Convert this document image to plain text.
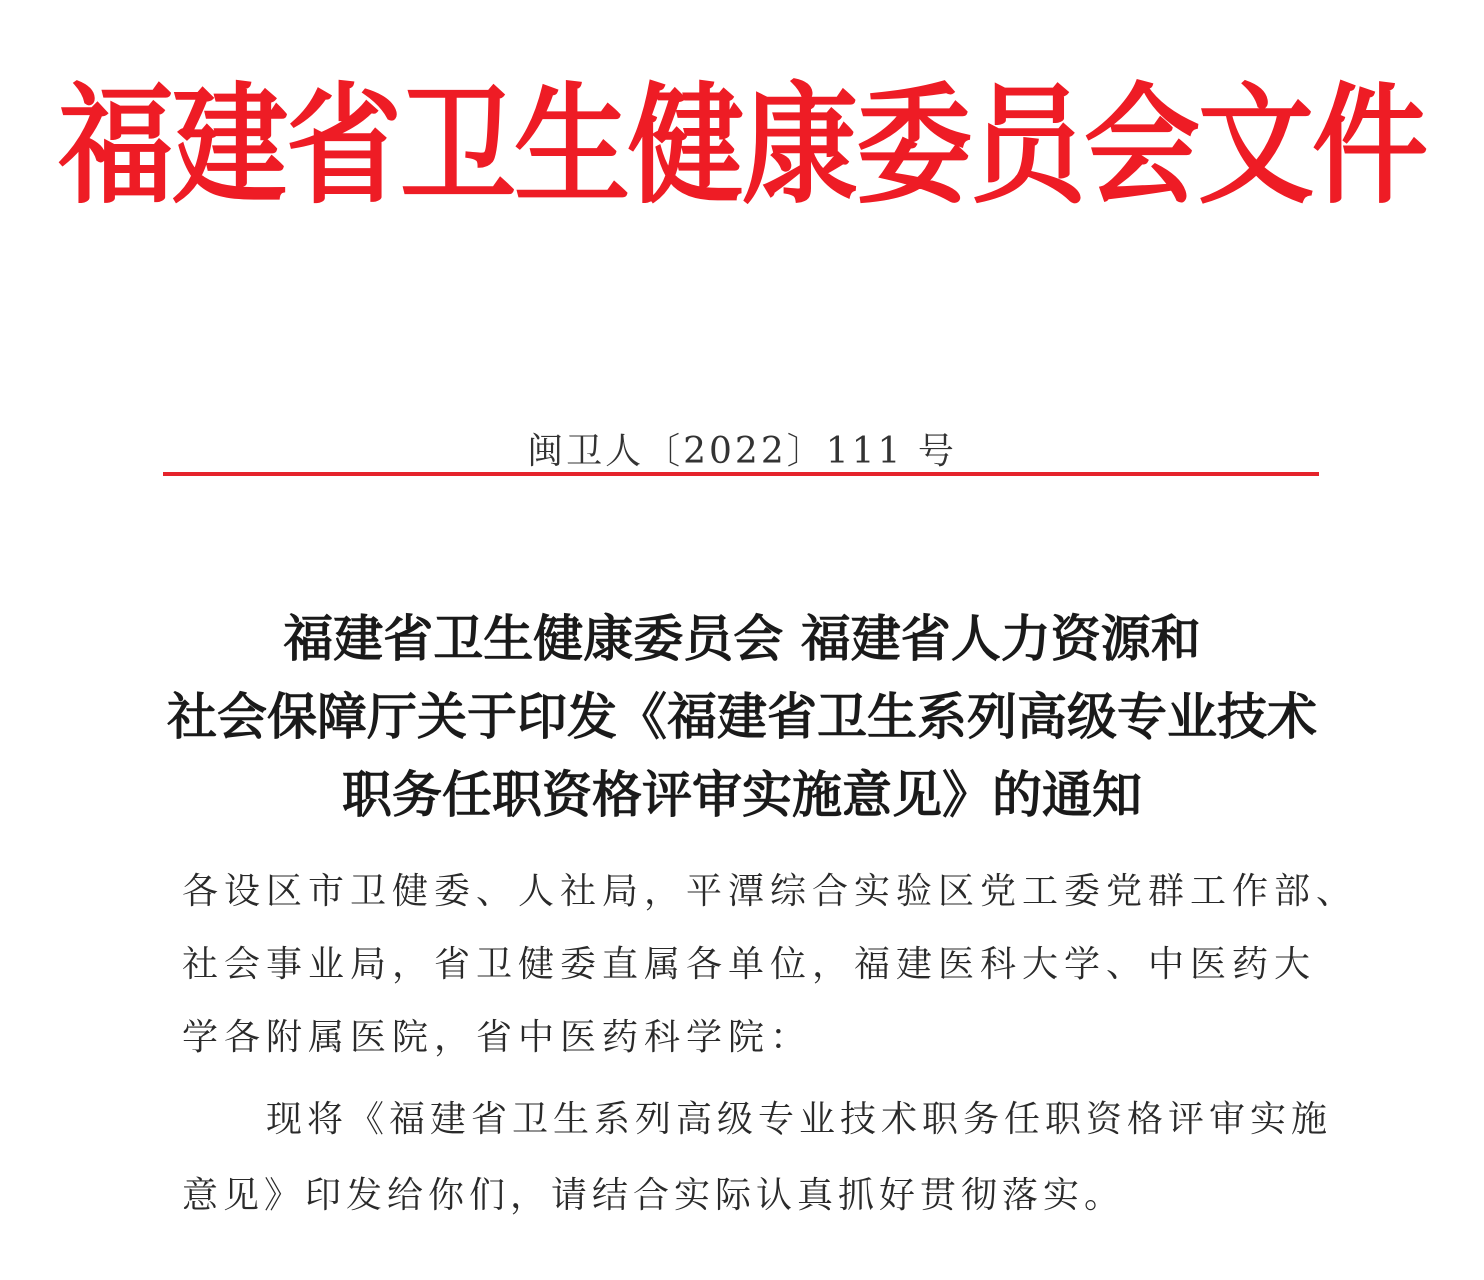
福建省卫生健康委员会文件
闽卫人〔2022〕111 号
福建省卫生健康委员会 福建省人力资源和
社会保障厅关于印发《福建省卫生系列高级专业技术
职务任职资格评审实施意见》的通知
各设区市卫健委、人社局，平潭综合实验区党工委党群工作部、
社会事业局，省卫健委直属各单位，福建医科大学、中医药大
学各附属医院，省中医药科学院：
现将《福建省卫生系列高级专业技术职务任职资格评审实施
意见》印发给你们，请结合实际认真抓好贯彻落实。
